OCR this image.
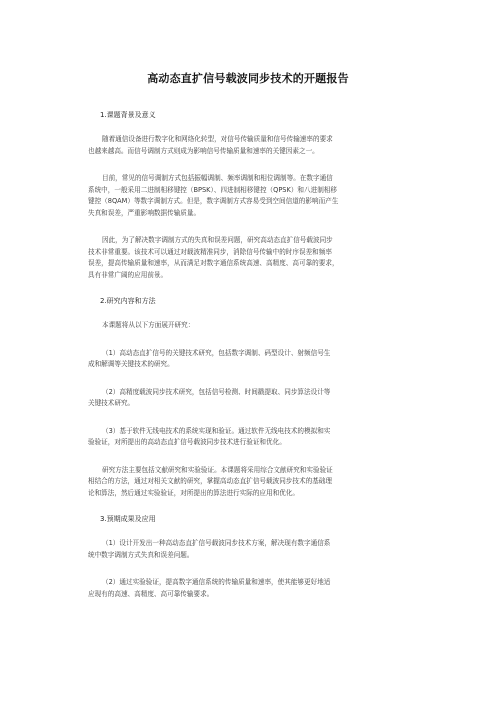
高动态直扩信号载波同步技术的开题报告
1.课题背景及意义

随着通信设备进行数字化和网络化转型，对信号传输质量和信号传输速率的要求
也越来越高。而信号调制方式则成为影响信号传输质量和速率的关键因素之一。

目前，常见的信号调制方式包括振幅调制、频率调制和相位调制等。在数字通信
系统中，一般采用二进制相移键控（BPSK）、四进制相移键控（QPSK）和八进制相移
键控（8QAM）等数字调制方式。但是，数字调制方式容易受到空间信道的影响而产生
失真和误差，严重影响数据传输质量。

因此，为了解决数字调制方式的失真和误差问题，研究高动态直扩信号载波同步
技术非常重要。该技术可以通过对载波精准同步，消除信号传输中的时序误差和频率
误差，提高传输质量和速率，从而满足对数字通信系统高速、高精度、高可靠的要求，
具有非常广阔的应用前景。

2.研究内容和方法

本课题将从以下方面展开研究：

（1）高动态直扩信号的关键技术研究，包括数字调制、码型设计、射频信号生
成和解调等关键技术的研究。

（2）高精度载波同步技术研究，包括信号检测、时间戳提取、同步算法设计等
关键技术研究。

（3）基于软件无线电技术的系统实现和验证。通过软件无线电技术的模拟和实
验验证，对所提出的高动态直扩信号载波同步技术进行验证和优化。

研究方法主要包括文献研究和实验验证。本课题将采用综合文献研究和实验验证
相结合的方法，通过对相关文献的研究，掌握高动态直扩信号载波同步技术的基础理
论和算法，然后通过实验验证，对所提出的算法进行实际的应用和优化。

3.预期成果及应用

（1）设计开发出一种高动态直扩信号载波同步技术方案，解决现有数字通信系
统中数字调制方式失真和误差问题。

（2）通过实验验证，提高数字通信系统的传输质量和速率，使其能够更好地适
应现有的高速、高精度、高可靠传输要求。
